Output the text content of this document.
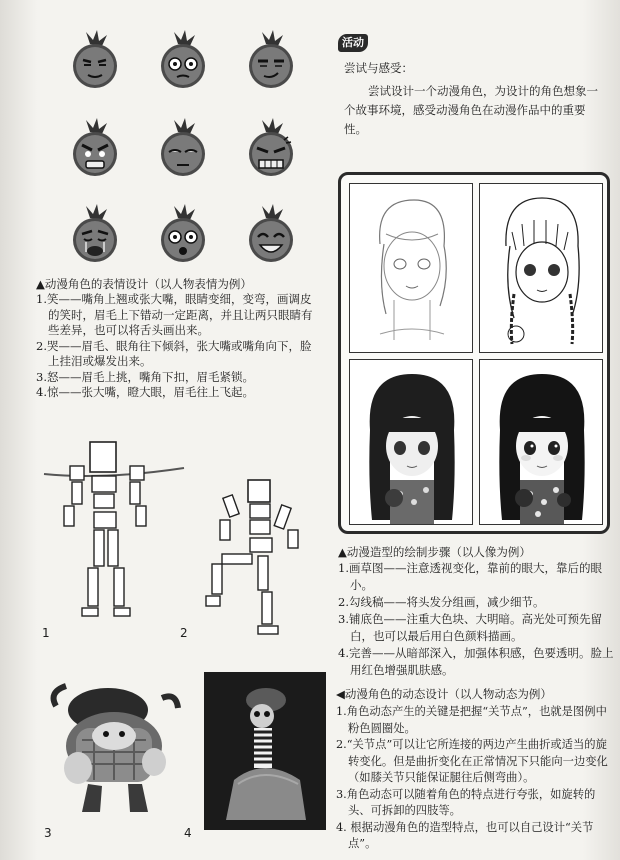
▲动漫角色的表情设计（以人物表情为例）
1.笑——嘴角上翘或张大嘴，眼睛变细，变弯，画调皮的笑时，眉毛上下错动一定距离，并且让两只眼睛有些差异，也可以将舌头画出来。
2.哭——眉毛、眼角往下倾斜，张大嘴或嘴角向下，脸上挂泪或爆发出来。
3.怒——眉毛上挑，嘴角下扣，眉毛紧锁。
4.惊——张大嘴，瞪大眼，眉毛往上飞起。
1	2
3	4
活动
尝试与感受：
尝试设计一个动漫角色，为设计的角色想象一个故事环境，感受动漫角色在动漫作品中的重要性。
▲动漫造型的绘制步骤（以人像为例）
1.画草图——注意透视变化，靠前的眼大，靠后的眼小。
2.勾线稿——将头发分组画，减少细节。
3.铺底色——注重大色块、大明暗。高光处可预先留白，也可以最后用白色颜料描画。
4.完善——从暗部深入，加强体积感，色要透明。脸上用红色增强肌肤感。
◀动漫角色的动态设计（以人物动态为例）
1.角色动态产生的关键是把握“关节点”，也就是图例中粉色圆圈处。
2.“关节点”可以让它所连接的两边产生曲折或适当的旋转变化。但是曲折变化在正常情况下只能向一边变化（如膝关节只能保证腿往后侧弯曲）。
3.角色动态可以随着角色的特点进行夸张，如旋转的头、可拆卸的四肢等。
4. 根据动漫角色的造型特点，也可以自己设计“关节点”。
